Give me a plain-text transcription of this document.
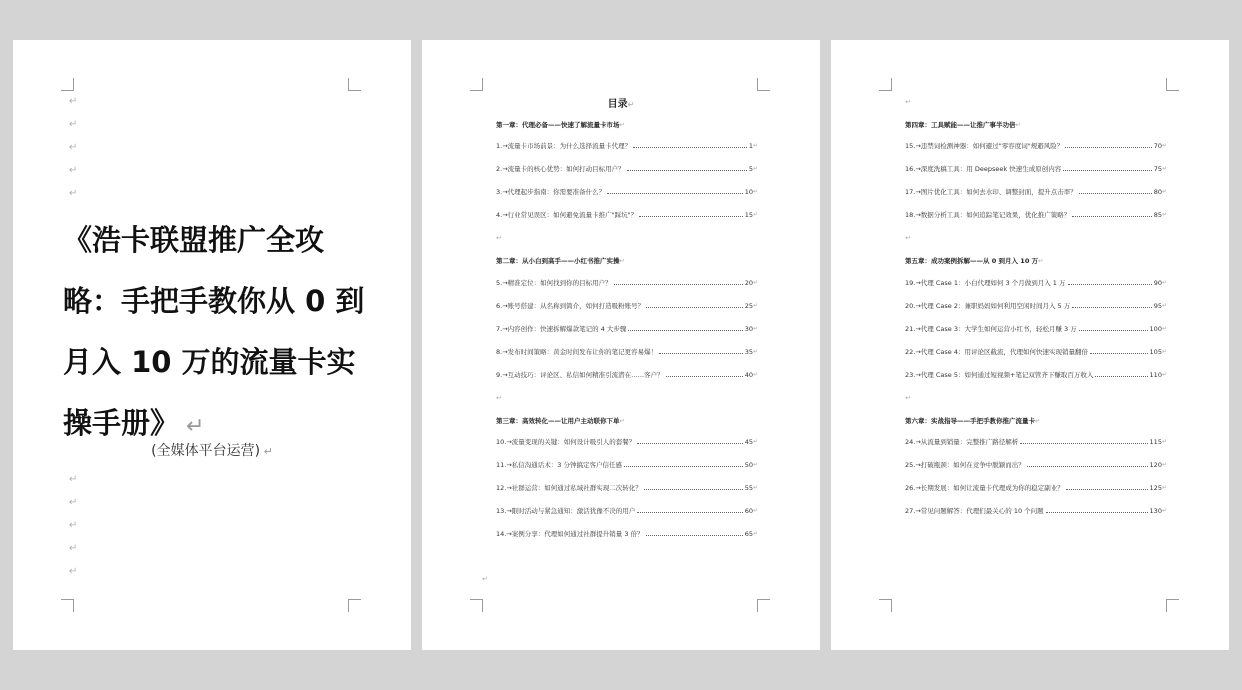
↵
↵
↵
↵
↵
《浩卡联盟推广全攻略：手把手教你从 0 到月入 10 万的流量卡实操手册》 ↵
(全媒体平台运营) ↵
↵
↵
↵
↵
↵
目录↵
第一章：代理必备——快速了解流量卡市场↵
1.→流量卡市场前景：为什么选择流量卡代理？	1 ↵
2.→流量卡的核心优势：如何打动目标用户？	5 ↵
3.→代理起步指南：你需要准备什么？	10 ↵
4.→行业常见误区：如何避免流量卡推广"踩坑"？	15 ↵
↵
第二章：从小白到高手——小红书推广实操↵
5.→精准定位：如何找到你的目标用户？	20 ↵
6.→账号搭建：从名称到简介，如何打造吸粉账号？	25 ↵
7.→内容创作：快速拆解爆款笔记的 4 大步骤	30 ↵
8.→发布时间策略：黄金时间发布让你的笔记更容易爆！	35 ↵
9.→互动技巧：评论区、私信如何精准引流潜在……客户？	40 ↵
↵
第三章：高效转化——让用户主动联你下单↵
10.→流量变现的关键：如何设计吸引人的套餐？	45 ↵
11.→私信沟通话术：3 分钟搞定客户信任感	50 ↵
12.→社群运营：如何通过私域社群实现二次转化？	55 ↵
13.→限时活动与紧急通知：激活犹豫不决的用户	60 ↵
14.→案例分享：代理如何通过社群提升销量 3 倍？	65 ↵
↵
↵
第四章：工具赋能——让推广事半功倍↵
15.→违禁词检测神器：如何避过"零容度词"规避风险？	70 ↵
16.→深度洗稿工具：用 Deepseek 快速生成原创内容	75 ↵
17.→图片优化工具：如何去水印、调整封面，提升点击率？	80 ↵
18.→数据分析工具：如何追踪笔记效果，优化推广策略？	85 ↵
↵
第五章：成功案例拆解——从 0 到月入 10 万↵
19.→代理 Case 1：小白代理如何 3 个月做到月入 1 万	90 ↵
20.→代理 Case 2：兼职妈妈如何利用空闲时间月入 5 万	95 ↵
21.→代理 Case 3：大学生如何运营小红书，轻松月赚 3 万	100 ↵
22.→代理 Case 4：用评论区截流，代理如何快速实现销量翻倍	105 ↵
23.→代理 Case 5：如何通过短视频+笔记双管齐下赚取百万收入	110 ↵
↵
第六章：实战指导——手把手教你推广流量卡↵
24.→从流量到销量：完整推广路径解析	115 ↵
25.→打破瓶颈：如何在竞争中脱颖而出？	120 ↵
26.→长期发展：如何让流量卡代理成为你的稳定副业？	125 ↵
27.→常见问题解答：代理们最关心的 10 个问题	130 ↵
